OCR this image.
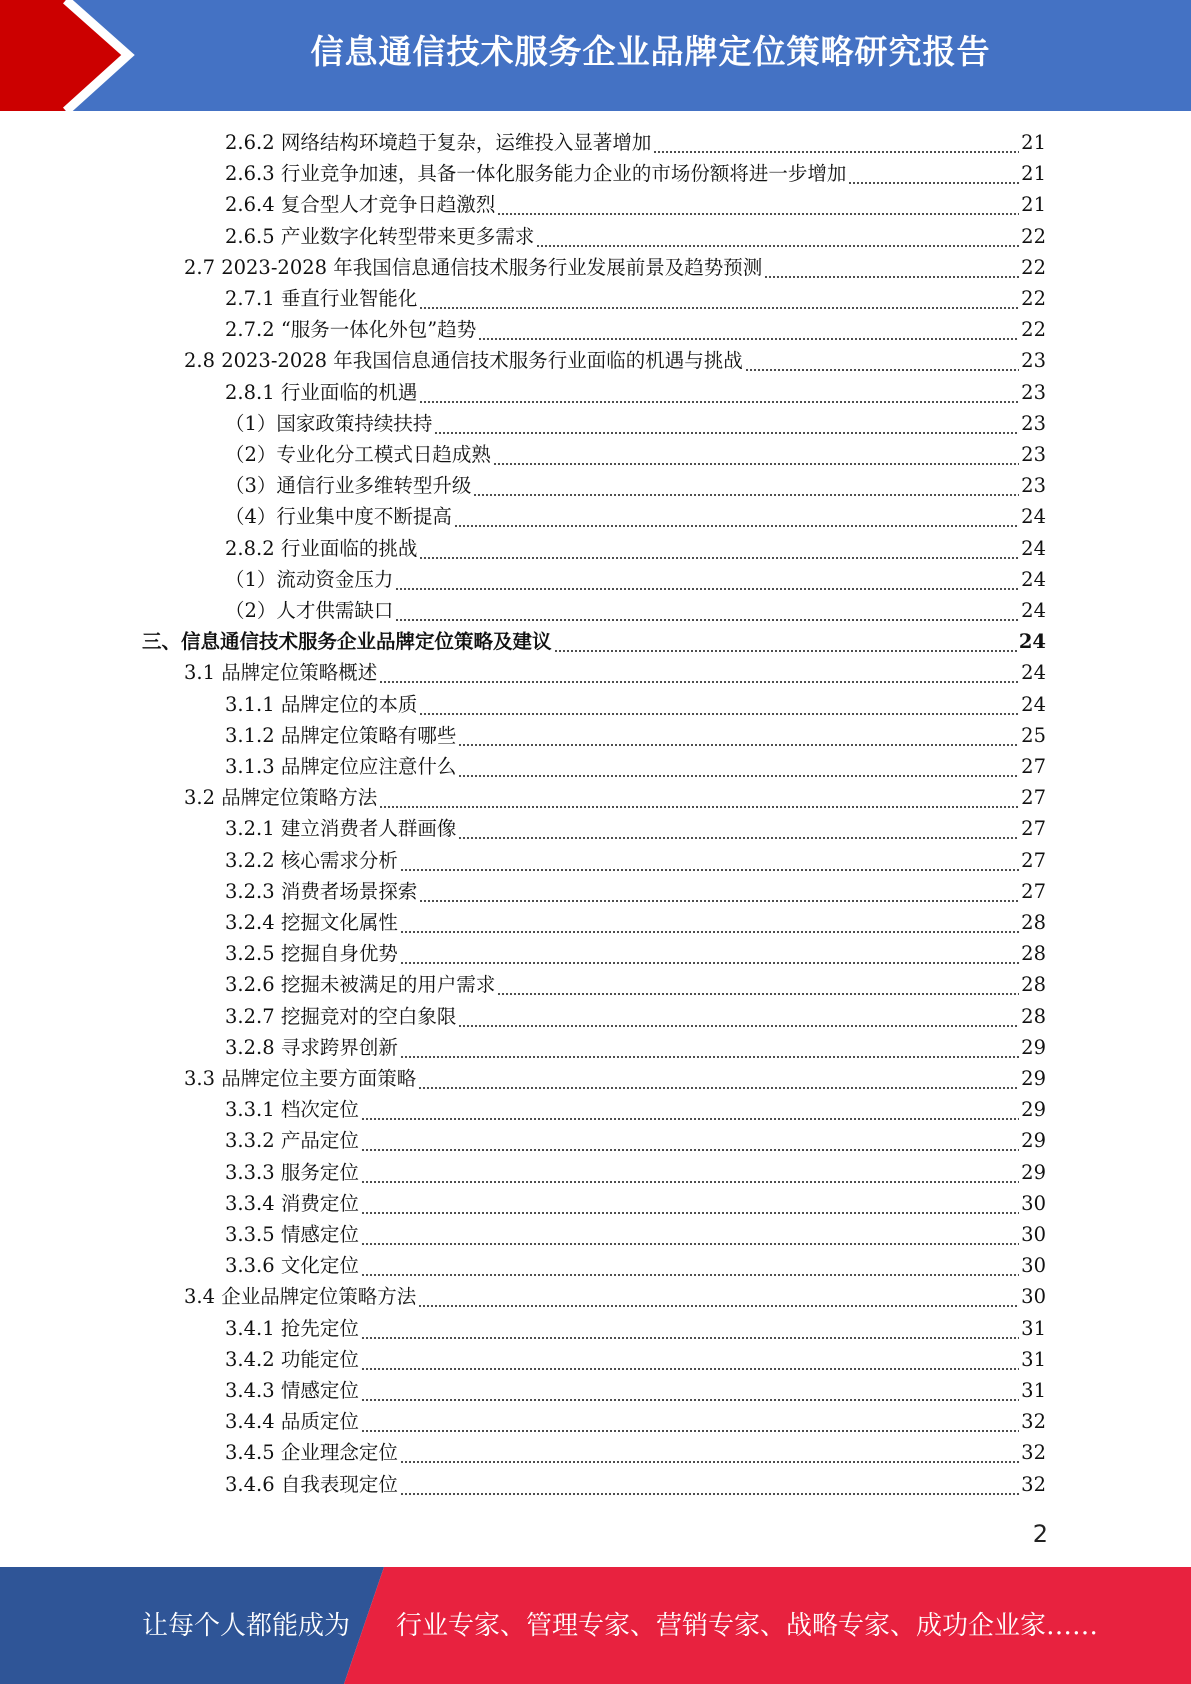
信息通信技术服务企业品牌定位策略研究报告
2.6.2 网络结构环境趋于复杂，运维投入显著增加	21
2.6.3 行业竞争加速，具备一体化服务能力企业的市场份额将进一步增加	21
2.6.4 复合型人才竞争日趋激烈	21
2.6.5 产业数字化转型带来更多需求	22
2.7 2023-2028 年我国信息通信技术服务行业发展前景及趋势预测	22
2.7.1 垂直行业智能化	22
2.7.2 “服务一体化外包”趋势	22
2.8 2023-2028 年我国信息通信技术服务行业面临的机遇与挑战	23
2.8.1 行业面临的机遇	23
（1）国家政策持续扶持	23
（2）专业化分工模式日趋成熟	23
（3）通信行业多维转型升级	23
（4）行业集中度不断提高	24
2.8.2 行业面临的挑战	24
（1）流动资金压力	24
（2）人才供需缺口	24
三、信息通信技术服务企业品牌定位策略及建议	24
3.1 品牌定位策略概述	24
3.1.1 品牌定位的本质	24
3.1.2 品牌定位策略有哪些	25
3.1.3 品牌定位应注意什么	27
3.2 品牌定位策略方法	27
3.2.1 建立消费者人群画像	27
3.2.2 核心需求分析	27
3.2.3 消费者场景探索	27
3.2.4 挖掘文化属性	28
3.2.5 挖掘自身优势	28
3.2.6 挖掘未被满足的用户需求	28
3.2.7 挖掘竞对的空白象限	28
3.2.8 寻求跨界创新	29
3.3 品牌定位主要方面策略	29
3.3.1 档次定位	29
3.3.2 产品定位	29
3.3.3 服务定位	29
3.3.4 消费定位	30
3.3.5 情感定位	30
3.3.6 文化定位	30
3.4 企业品牌定位策略方法	30
3.4.1 抢先定位	31
3.4.2 功能定位	31
3.4.3 情感定位	31
3.4.4 品质定位	32
3.4.5 企业理念定位	32
3.4.6 自我表现定位	32
2
让每个人都能成为 行业专家、管理专家、营销专家、战略专家、成功企业家……
